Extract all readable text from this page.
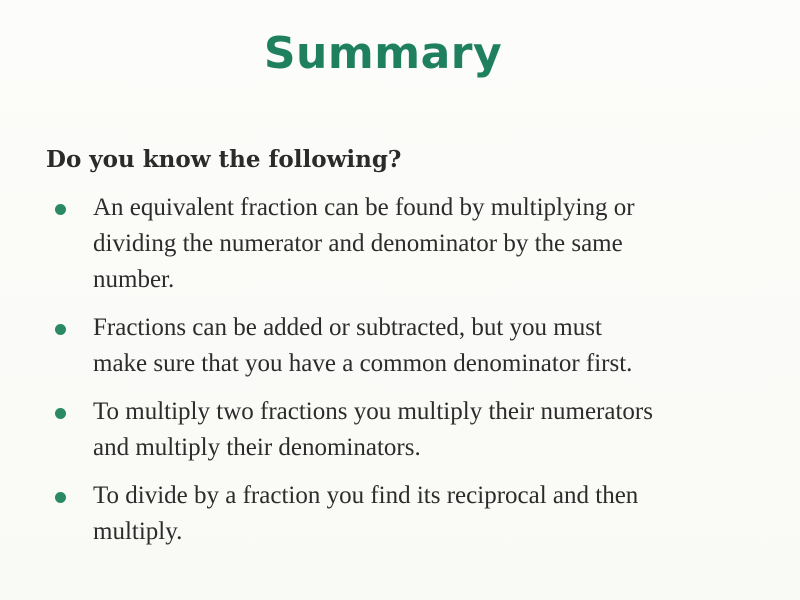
Summary
Do you know the following?
An equivalent fraction can be found by multiplying or
dividing the numerator and denominator by the same
number.
Fractions can be added or subtracted, but you must
make sure that you have a common denominator first.
To multiply two fractions you multiply their numerators
and multiply their denominators.
To divide by a fraction you find its reciprocal and then
multiply.
